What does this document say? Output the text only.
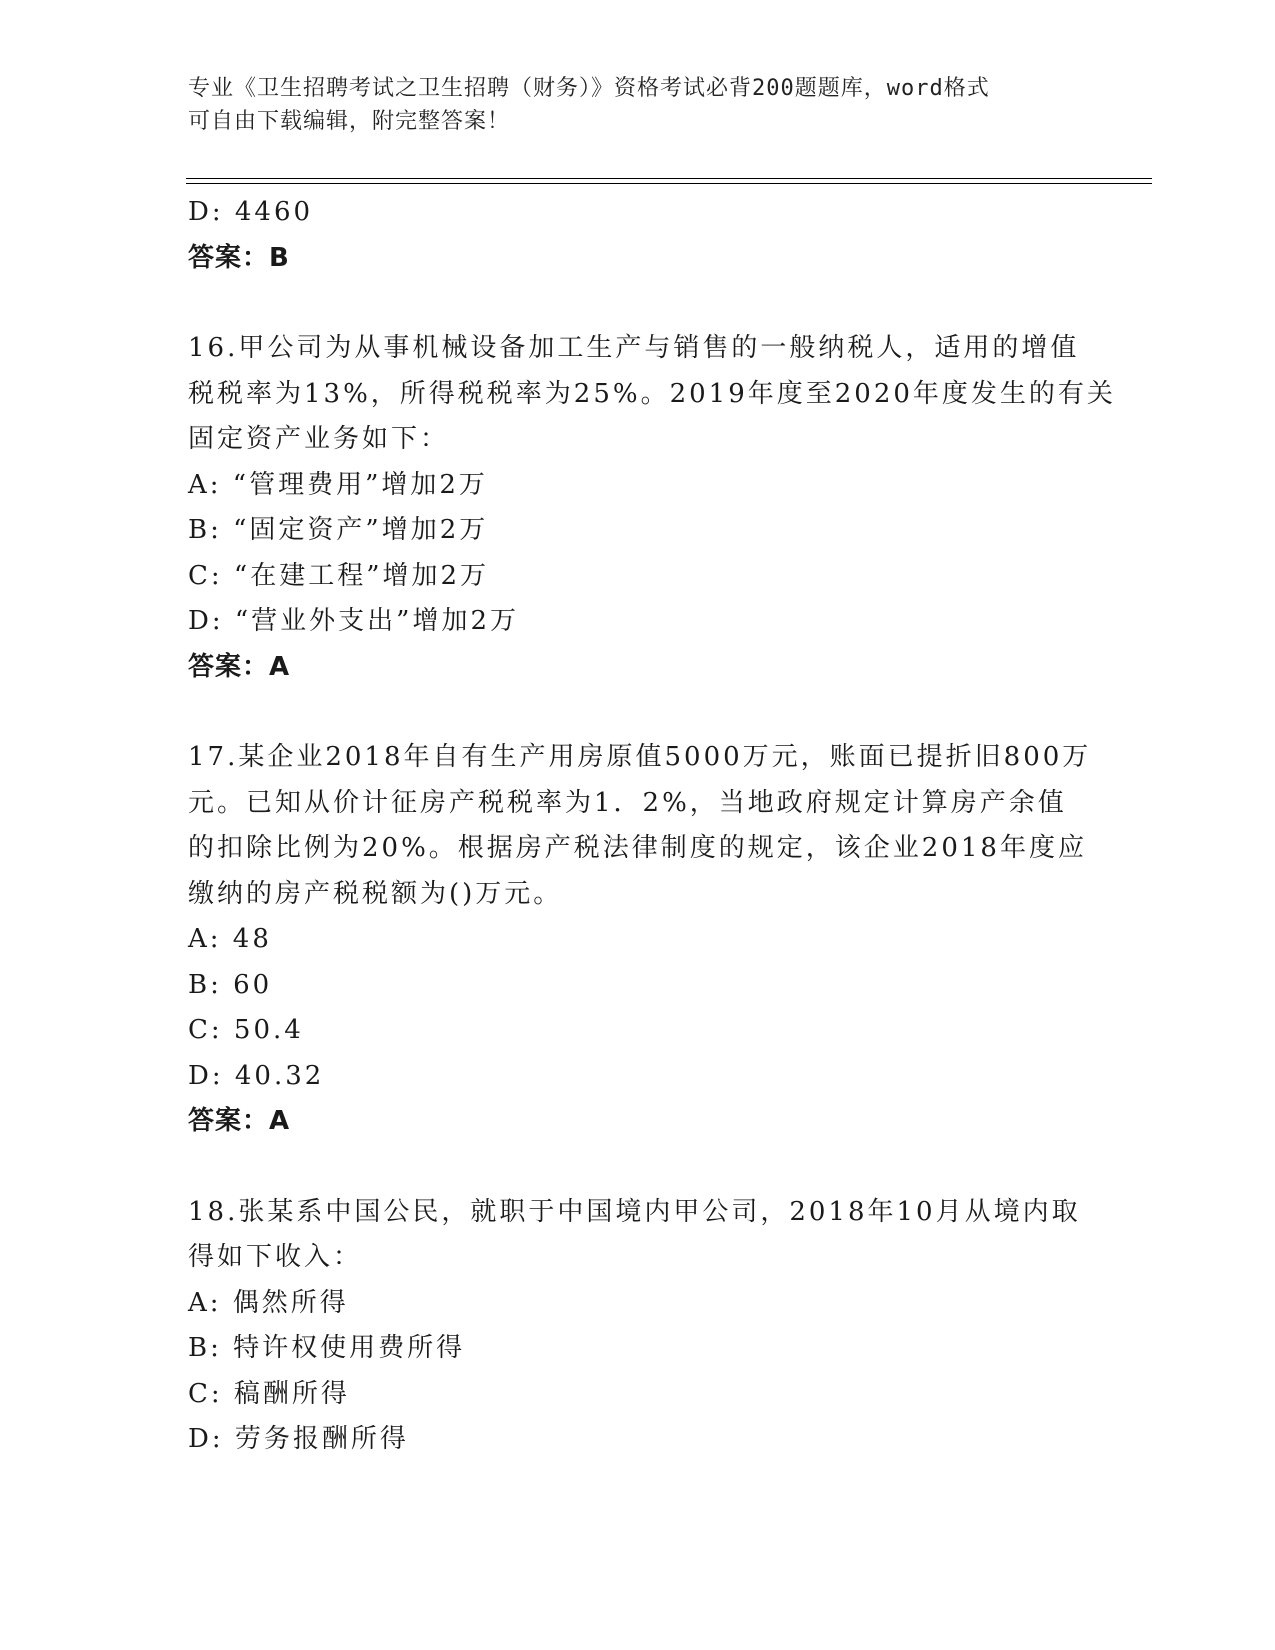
专业《卫生招聘考试之卫生招聘（财务）》资格考试必背200题题库，word格式
可自由下载编辑，附完整答案！
D: 4460
答案：B
16.甲公司为从事机械设备加工生产与销售的一般纳税人，适用的增值
税税率为13%，所得税税率为25%。2019年度至2020年度发生的有关
固定资产业务如下：
A: “管理费用”增加2万
B: “固定资产”增加2万
C: “在建工程”增加2万
D: “营业外支出”增加2万
答案：A
17.某企业2018年自有生产用房原值5000万元，账面已提折旧800万
元。已知从价计征房产税税率为1．2%，当地政府规定计算房产余值
的扣除比例为20%。根据房产税法律制度的规定，该企业2018年度应
缴纳的房产税税额为()万元。
A: 48
B: 60
C: 50.4
D: 40.32
答案：A
18.张某系中国公民，就职于中国境内甲公司，2018年10月从境内取
得如下收入：
A: 偶然所得
B: 特许权使用费所得
C: 稿酬所得
D: 劳务报酬所得
